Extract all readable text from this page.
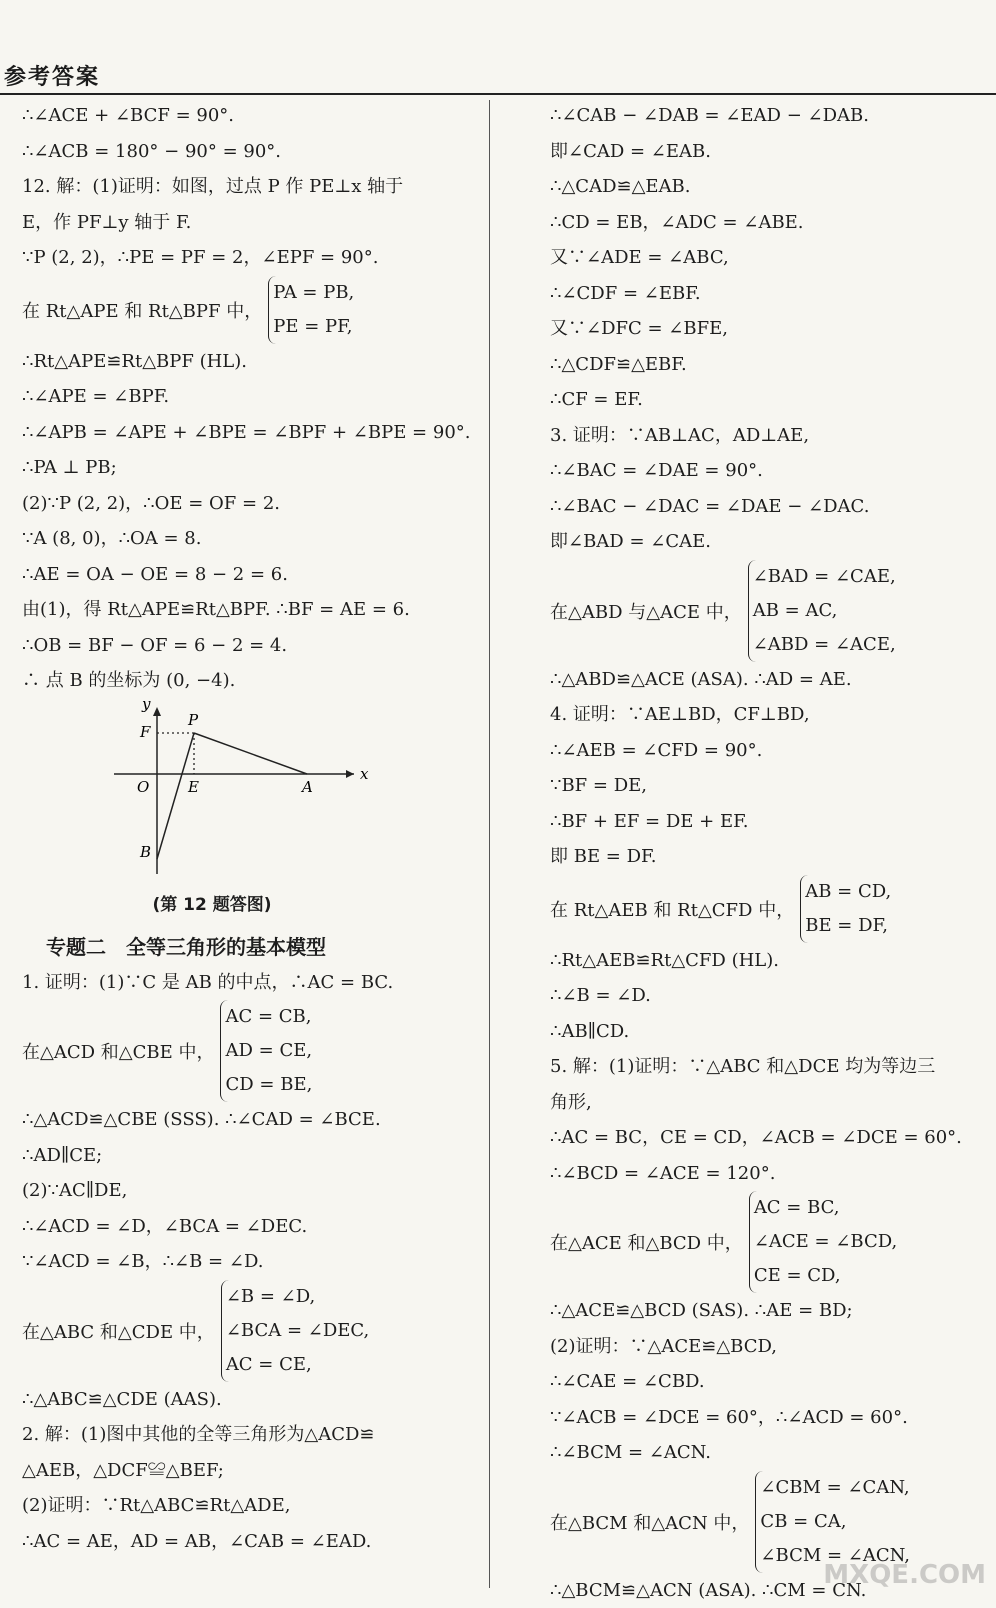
参考答案
∴∠ACE + ∠BCF = 90°.
∴∠ACB = 180° − 90° = 90°.
12. 解：(1)证明：如图，过点 P 作 PE⊥x 轴于
E，作 PF⊥y 轴于 F.
∵P (2, 2)，∴PE = PF = 2，∠EPF = 90°.
在 Rt△APE 和 Rt△BPF 中，
PA = PB,
PE = PF,
∴Rt△APE≌Rt△BPF (HL).
∴∠APE = ∠BPF.
∴∠APB = ∠APE + ∠BPE = ∠BPF + ∠BPE = 90°.
∴PA ⊥ PB;
(2)∵P (2, 2)，∴OE = OF = 2.
∵A (8, 0)，∴OA = 8.
∴AE = OA − OE = 8 − 2 = 6.
由(1)，得 Rt△APE≌Rt△BPF. ∴BF = AE = 6.
∴OB = BF − OF = 6 − 2 = 4.
∴ 点 B 的坐标为 (0, −4).
y
x
F
P
O	E	A
B
(第 12 题答图)
专题二　全等三角形的基本模型
1. 证明：(1)∵C 是 AB 的中点，∴AC = BC.
在△ACD 和△CBE 中，
AC = CB,
AD = CE,
CD = BE,
∴△ACD≌△CBE (SSS). ∴∠CAD = ∠BCE.
∴AD∥CE;
(2)∵AC∥DE,
∴∠ACD = ∠D，∠BCA = ∠DEC.
∵∠ACD = ∠B，∴∠B = ∠D.
在△ABC 和△CDE 中，
∠B = ∠D,
∠BCA = ∠DEC,
AC = CE,
∴△ABC≌△CDE (AAS).
2. 解：(1)图中其他的全等三角形为△ACD≌
△AEB，△DCF≌△BEF;
(2)证明：∵Rt△ABC≌Rt△ADE,
∴AC = AE，AD = AB，∠CAB = ∠EAD.
∴∠CAB − ∠DAB = ∠EAD − ∠DAB.
即∠CAD = ∠EAB.
∴△CAD≌△EAB.
∴CD = EB，∠ADC = ∠ABE.
又∵∠ADE = ∠ABC,
∴∠CDF = ∠EBF.
又∵∠DFC = ∠BFE,
∴△CDF≌△EBF.
∴CF = EF.
3. 证明：∵AB⊥AC，AD⊥AE,
∴∠BAC = ∠DAE = 90°.
∴∠BAC − ∠DAC = ∠DAE − ∠DAC.
即∠BAD = ∠CAE.
在△ABD 与△ACE 中，
∠BAD = ∠CAE,
AB = AC,
∠ABD = ∠ACE,
∴△ABD≌△ACE (ASA). ∴AD = AE.
4. 证明：∵AE⊥BD，CF⊥BD,
∴∠AEB = ∠CFD = 90°.
∵BF = DE,
∴BF + EF = DE + EF.
即 BE = DF.
在 Rt△AEB 和 Rt△CFD 中，
AB = CD,
BE = DF,
∴Rt△AEB≌Rt△CFD (HL).
∴∠B = ∠D.
∴AB∥CD.
5. 解：(1)证明：∵△ABC 和△DCE 均为等边三
角形,
∴AC = BC，CE = CD，∠ACB = ∠DCE = 60°.
∴∠BCD = ∠ACE = 120°.
在△ACE 和△BCD 中，
AC = BC,
∠ACE = ∠BCD,
CE = CD,
∴△ACE≌△BCD (SAS). ∴AE = BD;
(2)证明：∵△ACE≌△BCD,
∴∠CAE = ∠CBD.
∵∠ACB = ∠DCE = 60°，∴∠ACD = 60°.
∴∠BCM = ∠ACN.
在△BCM 和△ACN 中，
∠CBM = ∠CAN,
CB = CA,
∠BCM = ∠ACN,
∴△BCM≌△ACN (ASA). ∴CM = CN.
MXQE.COM
